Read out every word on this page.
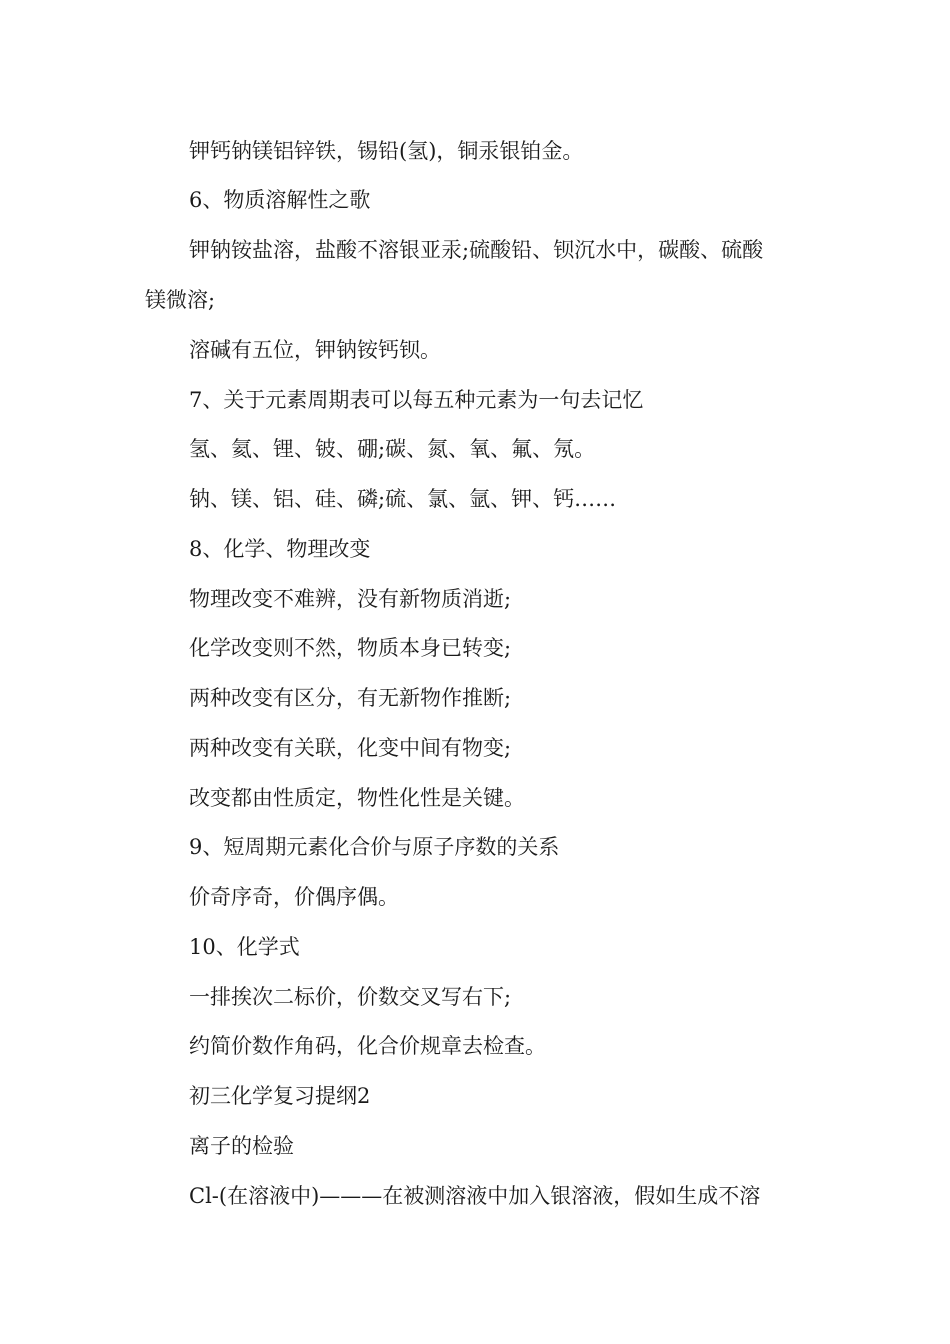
钾钙钠镁铝锌铁，锡铅(氢)，铜汞银铂金。
6、物质溶解性之歌
钾钠铵盐溶，盐酸不溶银亚汞;硫酸铅、钡沉水中，碳酸、硫酸
镁微溶;
溶碱有五位，钾钠铵钙钡。
7、关于元素周期表可以每五种元素为一句去记忆
氢、氦、锂、铍、硼;碳、氮、氧、氟、氖。
钠、镁、铝、硅、磷;硫、氯、氩、钾、钙……
8、化学、物理改变
物理改变不难辨，没有新物质消逝;
化学改变则不然，物质本身已转变;
两种改变有区分，有无新物作推断;
两种改变有关联，化变中间有物变;
改变都由性质定，物性化性是关键。
9、短周期元素化合价与原子序数的关系
价奇序奇，价偶序偶。
10、化学式
一排挨次二标价，价数交叉写右下;
约简价数作角码，化合价规章去检查。
初三化学复习提纲2
离子的检验
Cl-(在溶液中)———在被测溶液中加入银溶液，假如生成不溶
